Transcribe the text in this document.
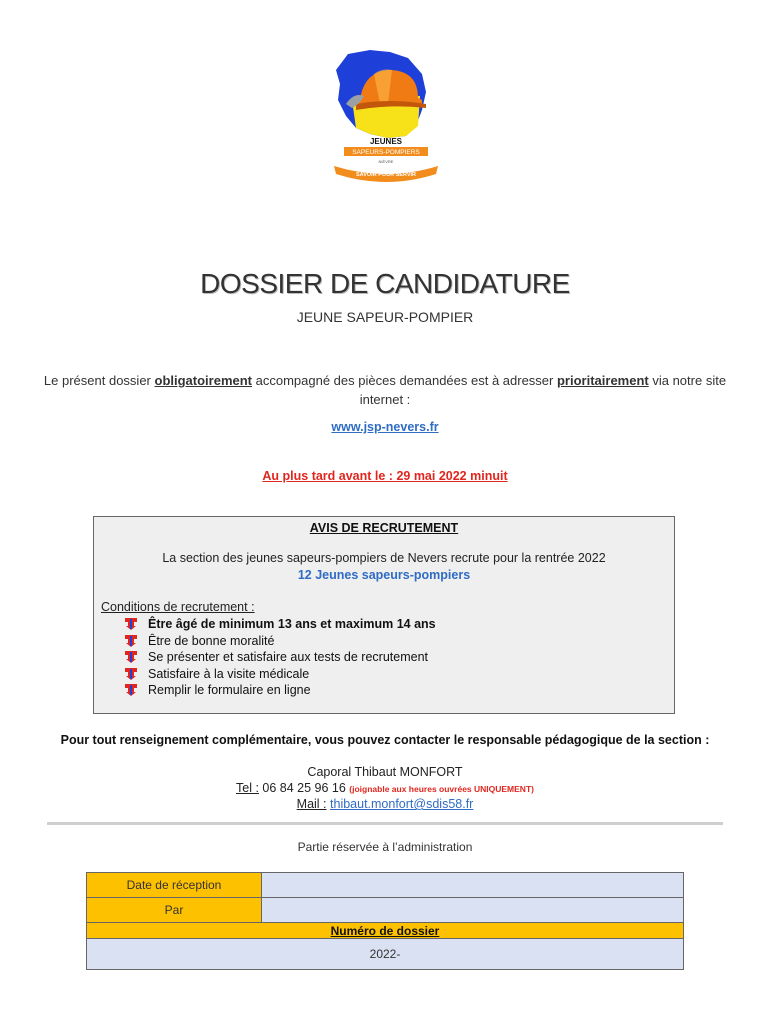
JEUNES
SAPEURS-POMPIERS
NIÈVRE
SAVOIR POUR SERVIR
DOSSIER DE CANDIDATURE
JEUNE SAPEUR-POMPIER
Le présent dossier obligatoirement accompagné des pièces demandées est à adresser prioritairement via notre site internet :
www.jsp-nevers.fr
Au plus tard avant le : 29 mai 2022 minuit
AVIS DE RECRUTEMENT
La section des jeunes sapeurs-pompiers de Nevers recrute pour la rentrée 2022
12 Jeunes sapeurs-pompiers
Conditions de recrutement :
Être âgé de minimum 13 ans et maximum 14 ans
Être de bonne moralité
Se présenter et satisfaire aux tests de recrutement
Satisfaire à la visite médicale
Remplir le formulaire en ligne
Pour tout renseignement complémentaire, vous pouvez contacter le responsable pédagogique de la section :
Caporal Thibaut MONFORT
Tel : 06 84 25 96 16 (joignable aux heures ouvrées UNIQUEMENT)
Mail : thibaut.monfort@sdis58.fr
Partie réservée à l’administration
Date de réception	
Par	
Numéro de dossier	
2022-	
